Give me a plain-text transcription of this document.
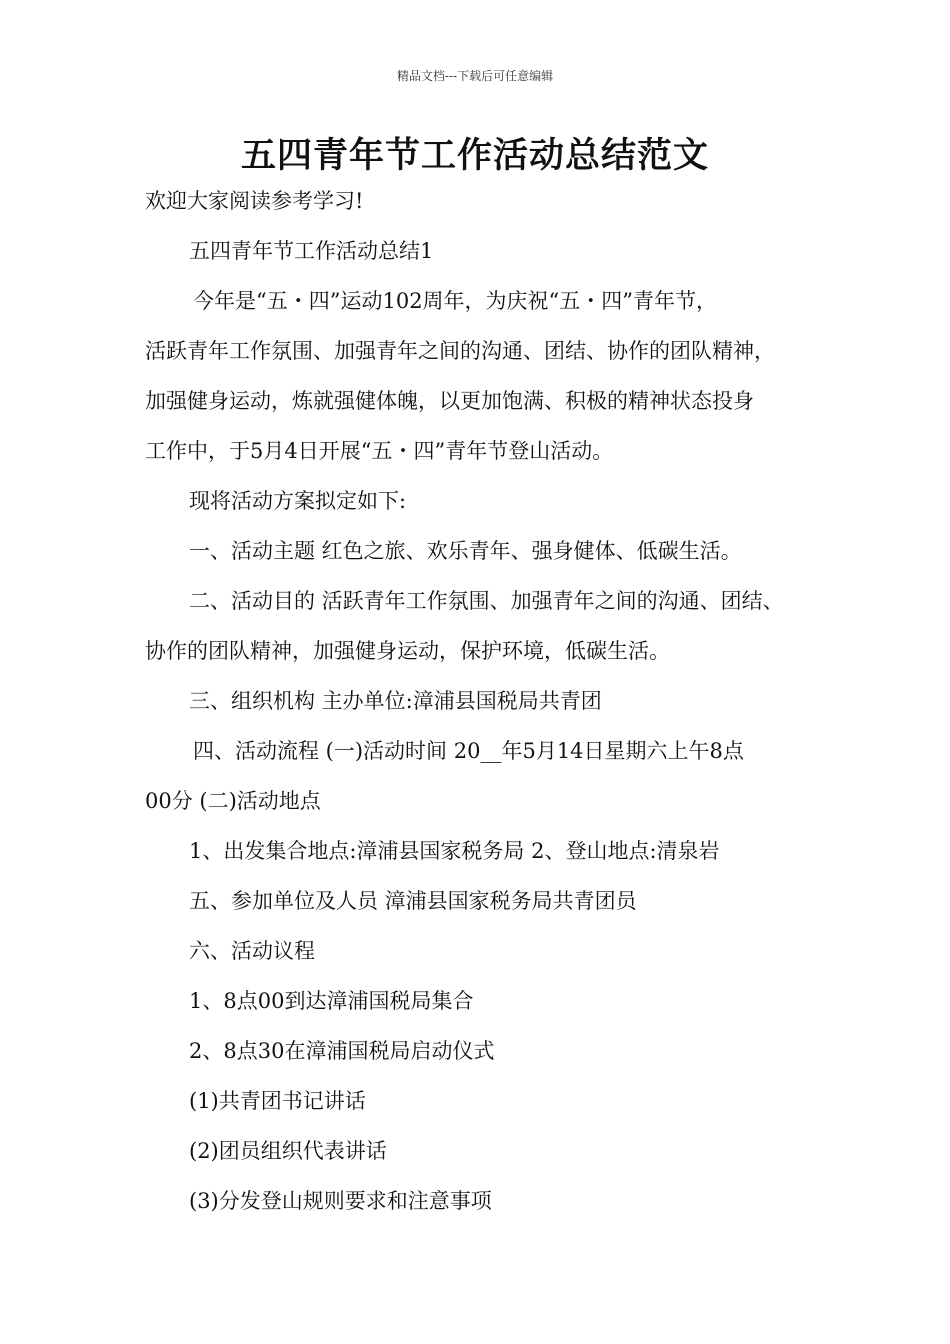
精品文档---下载后可任意编辑
五四青年节工作活动总结范文
欢迎大家阅读参考学习!
五四青年节工作活动总结1
今年是“五・四”运动102周年，为庆祝“五・四”青年节，
活跃青年工作氛围、加强青年之间的沟通、团结、协作的团队精神，
加强健身运动，炼就强健体魄，以更加饱满、积极的精神状态投身
工作中，于5月4日开展“五・四”青年节登山活动。
现将活动方案拟定如下:
一、活动主题 红色之旅、欢乐青年、强身健体、低碳生活。
二、活动目的 活跃青年工作氛围、加强青年之间的沟通、团结、
协作的团队精神，加强健身运动，保护环境，低碳生活。
三、组织机构 主办单位:漳浦县国税局共青团
四、活动流程 (一)活动时间 20__年5月14日星期六上午8点
00分 (二)活动地点
1、出发集合地点:漳浦县国家税务局 2、登山地点:清泉岩
五、参加单位及人员 漳浦县国家税务局共青团员
六、活动议程
1、8点00到达漳浦国税局集合
2、8点30在漳浦国税局启动仪式
(1)共青团书记讲话
(2)团员组织代表讲话
(3)分发登山规则要求和注意事项
